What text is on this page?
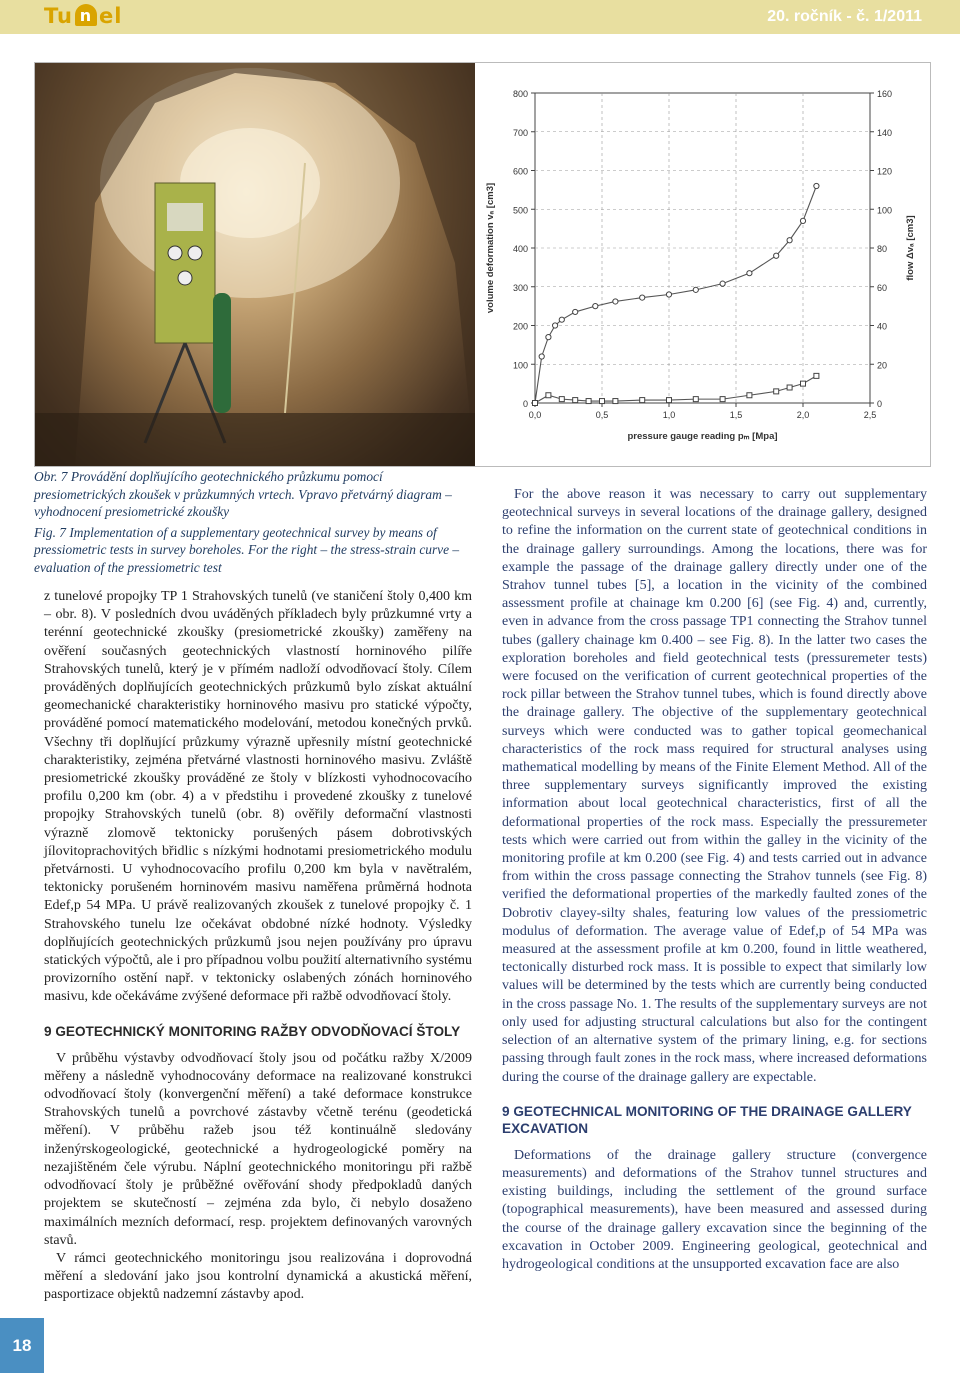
Tu n el	20. ročník - č. 1/2011
0
100
200
300
400
500
600
700
800
0
20
40
60
80
100
120
140
160
0,0	0,5	1,0	1,5	2,0	2,5
pressure gauge reading pₘ [Mpa]
volume deformation vₐ [cm3]	flow Δvₐ [cm3]

Obr. 7 Provádění doplňujícího geotechnického průzkumu pomocí presiometrických zkoušek v průzkumných vrtech. Vpravo přetvárný diagram – vyhodnocení presiometrické zkoušky

Fig. 7 Implementation of a supplementary geotechnical survey by means of pressiometric tests in survey boreholes. For the right – the stress-strain curve – evaluation of the pressiometric test

z tunelové propojky TP 1 Strahovských tunelů (ve staničení štoly 0,400 km – obr. 8). V posledních dvou uváděných příkladech byly průzkumné vrty a terénní geotechnické zkoušky (presiometrické zkoušky) zaměřeny na ověření současných geotechnických vlastností horninového pilíře Strahovských tunelů, který je v přímém nadloží odvodňovací štoly. Cílem prováděných doplňujících geotechnických průzkumů bylo získat aktuální geomechanické charakteristiky horninového masivu pro statické výpočty, prováděné pomocí matematického modelování, metodou konečných prvků. Všechny tři doplňující průzkumy výrazně upřesnily místní geotechnické charakteristiky, zejména přetvárné vlastnosti horninového masivu. Zvláště presiometrické zkoušky prováděné ze štoly v blízkosti vyhodnocovacího profilu 0,200 km (obr. 4) a v předstihu i provedené zkoušky z tunelové propojky Strahovských tunelů (obr. 8) ověřily deformační vlastnosti výrazně zlomově tektonicky porušených pásem dobrotivských jílovitoprachovitých břidlic s nízkými hodnotami presiometrického modulu přetvárnosti. U vyhodnocovacího profilu 0,200 km byla v navětralém, tektonicky porušeném horninovém masivu naměřena průměrná hodnota Edef,p 54 MPa. U právě realizovaných zkoušek z tunelové propojky č. 1 Strahovského tunelu lze očekávat obdobné nízké hodnoty. Výsledky doplňujících geotechnických průzkumů jsou nejen používány pro úpravu statických výpočtů, ale i pro případnou volbu použití alternativního systému provizorního ostění např. v tektonicky oslabených zónách horninového masivu, kde očekáváme zvýšené deformace při ražbě odvodňovací štoly.

9 GEOTECHNICKÝ MONITORING RAŽBY ODVODŇOVACÍ ŠTOLY

V průběhu výstavby odvodňovací štoly jsou od počátku ražby X/2009 měřeny a následně vyhodnocovány deformace na realizované konstrukci odvodňovací štoly (konvergenční měření) a také deformace konstrukce Strahovských tunelů a povrchové zástavby včetně terénu (geodetická měření). V průběhu ražeb jsou též kontinuálně sledovány inženýrskogeologické, geotechnické a hydrogeologické poměry na nezajištěném čele výrubu. Náplní geotechnického monitoringu při ražbě odvodňovací štoly je průběžné ověřování shody předpokladů daných projektem se skutečností – zejména zda bylo, či nebylo dosaženo maximálních mezních deformací, resp. projektem definovaných varovných stavů.

V rámci geotechnického monitoringu jsou realizována i doprovodná měření a sledování jako jsou kontrolní dynamická a akustická měření, pasportizace objektů nadzemní zástavby apod.

For the above reason it was necessary to carry out supplementary geotechnical surveys in several locations of the drainage gallery, designed to refine the information on the current state of geotechnical conditions in the drainage gallery surroundings. Among the locations, there was for example the passage of the drainage gallery directly under one of the Strahov tunnel tubes [5], a location in the vicinity of the combined assessment profile at chainage km 0.200 [6] (see Fig. 4) and, currently, even in advance from the cross passage TP1 connecting the Strahov tunnel tubes (gallery chainage km 0.400 – see Fig. 8). In the latter two cases the exploration boreholes and field geotechnical tests (pressuremeter tests) were focused on the verification of current geotechnical properties of the rock pillar between the Strahov tunnel tubes, which is found directly above the drainage gallery. The objective of the supplementary geotechnical surveys which were conducted was to gather topical geomechanical characteristics of the rock mass required for structural analyses using mathematical modelling by means of the Finite Element Method. All of the three supplementary surveys significantly improved the existing information about local geotechnical characteristics, first of all the deformational properties of the rock mass. Especially the pressuremeter tests which were carried out from within the galley in the vicinity of the monitoring profile at km 0.200 (see Fig. 4) and tests carried out in advance from within the cross passage connecting the Strahov tunnels (see Fig. 8) verified the deformational properties of the markedly faulted zones of the Dobrotiv clayey-silty shales, featuring low values of the pressiometric modulus of deformation. The average value of Edef,p of 54 MPa was measured at the assessment profile at km 0.200, found in little weathered, tectonically disturbed rock mass. It is possible to expect that similarly low values will be determined by the tests which are currently being conducted in the cross passage No. 1. The results of the supplementary surveys are not only used for adjusting structural calculations but also for the contingent selection of an alternative system of the primary lining, e.g. for sections passing through fault zones in the rock mass, where increased deformations during the course of the drainage gallery are expectable.

9 GEOTECHNICAL MONITORING OF THE DRAINAGE GALLERY EXCAVATION

Deformations of the drainage gallery structure (convergence measurements) and deformations of the Strahov tunnel structures and existing buildings, including the settlement of the ground surface (topographical measurements), have been measured and assessed during the course of the drainage gallery excavation since the beginning of the excavation in October 2009. Engineering geological, geotechnical and hydrogeological conditions at the unsupported excavation face are also

18
